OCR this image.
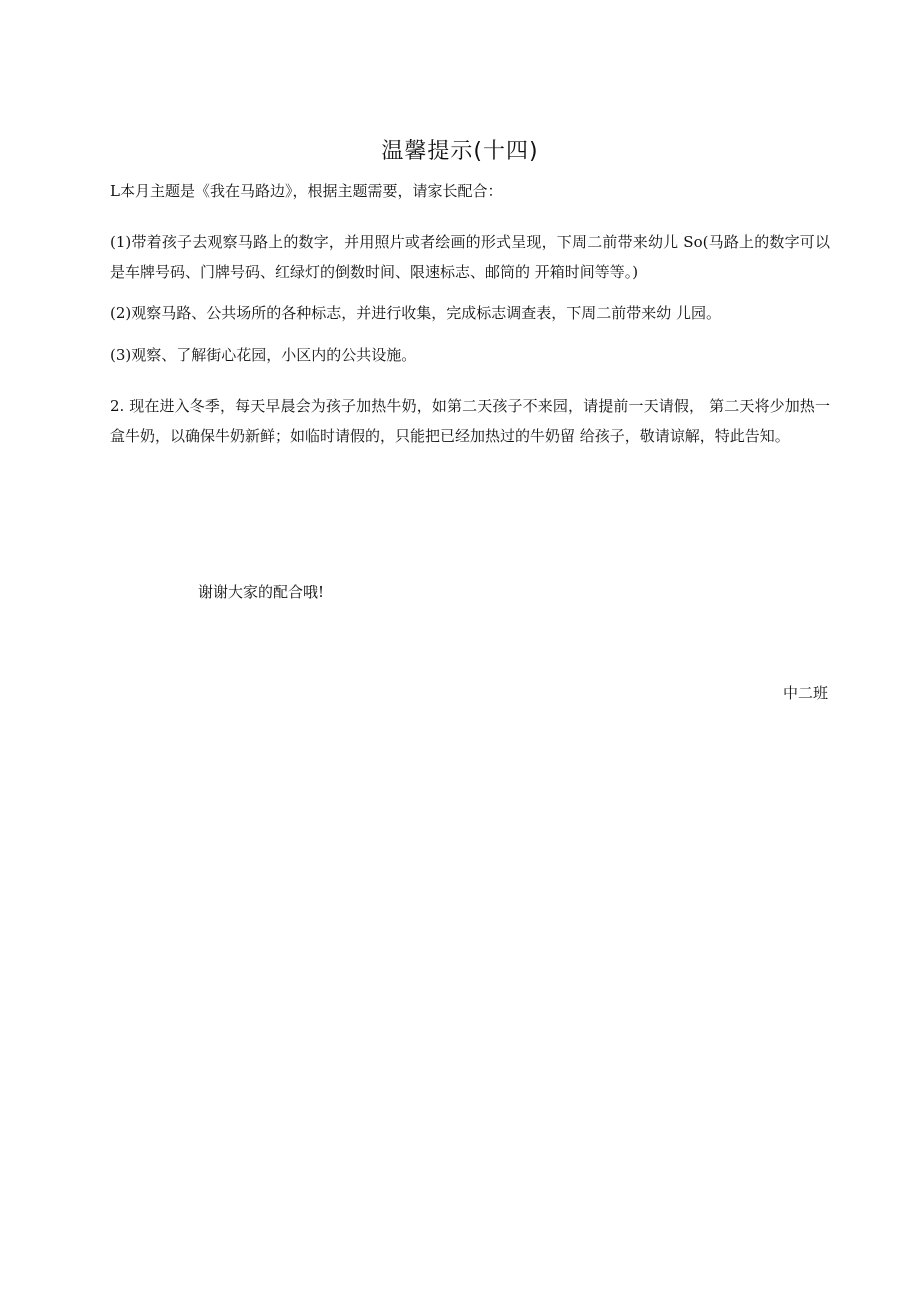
温馨提示(十四)

L本月主题是《我在马路边》，根据主题需要，请家长配合：

(1)带着孩子去观察马路上的数字，并用照片或者绘画的形式呈现，下周二前带来幼儿 So(马路上的数字可以是车牌号码、门牌号码、红绿灯的倒数时间、限速标志、邮筒的 开箱时间等等。)

(2)观察马路、公共场所的各种标志，并进行收集，完成标志调查表，下周二前带来幼 儿园。

(3)观察、了解街心花园，小区内的公共设施。

2. 现在进入冬季，每天早晨会为孩子加热牛奶，如第二天孩子不来园，请提前一天请假， 第二天将少加热一盒牛奶，以确保牛奶新鲜；如临时请假的，只能把已经加热过的牛奶留 给孩子，敬请谅解，特此告知。

谢谢大家的配合哦!

中二班
